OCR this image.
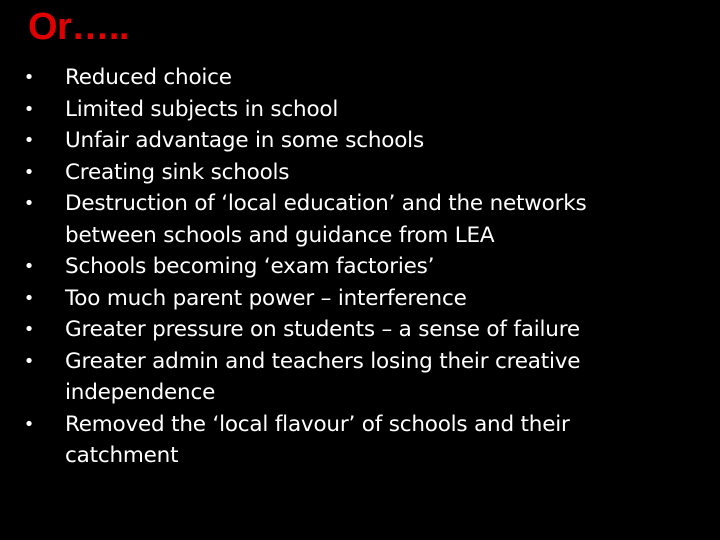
Or…..
• Reduced choice
• Limited subjects in school
• Unfair advantage in some schools
• Creating sink schools
• Destruction of ‘local education’ and the networks between schools and guidance from LEA
• Schools becoming ‘exam factories’
• Too much parent power – interference
• Greater pressure on students – a sense of failure
• Greater admin and teachers losing their creative independence
• Removed the ‘local flavour’ of schools and their catchment
